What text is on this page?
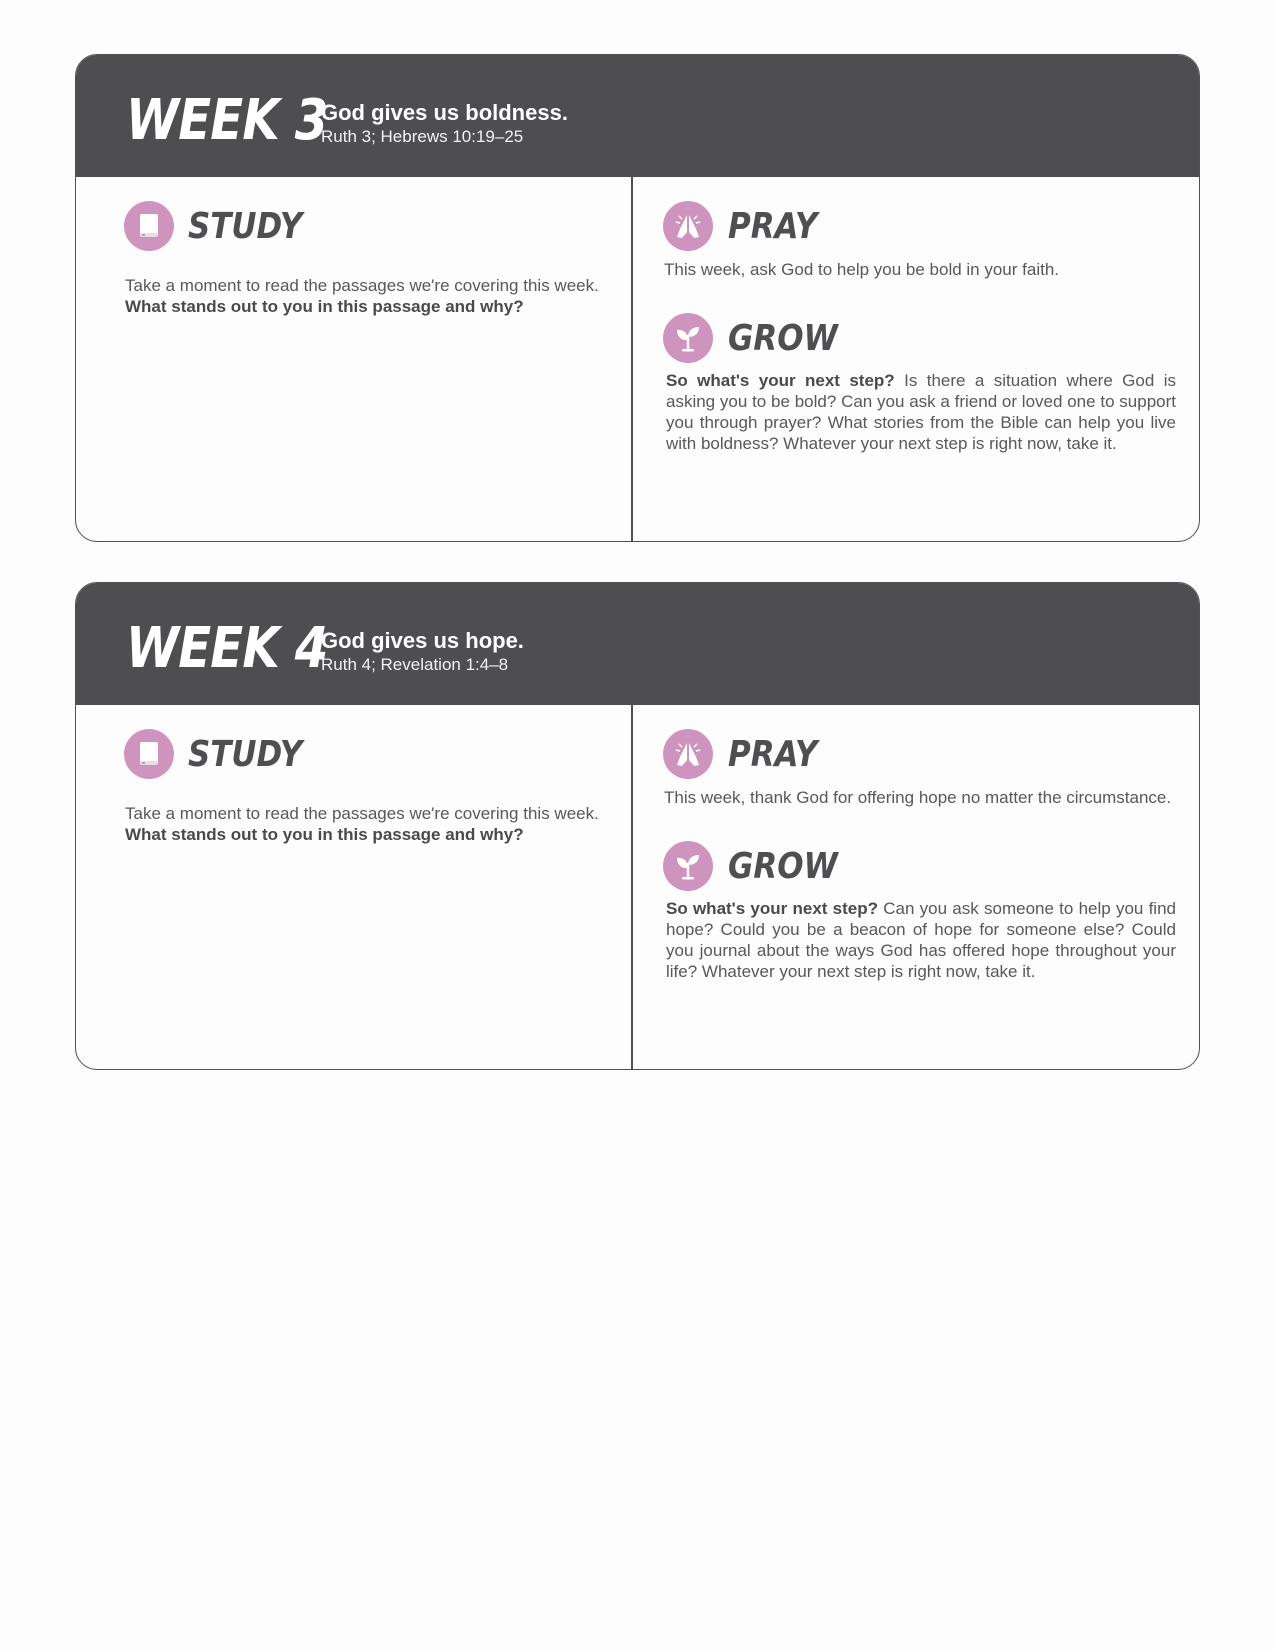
WEEK 3
God gives us boldness.
Ruth 3; Hebrews 10:19–25
STUDY
Take a moment to read the passages we're covering this week.
What stands out to you in this passage and why?
PRAY
This week, ask God to help you be bold in your faith.
GROW
So what's your next step? Is there a situation where God is asking you to be bold? Can you ask a friend or loved one to support you through prayer? What stories from the Bible can help you live with boldness? Whatever your next step is right now, take it.
WEEK 4
God gives us hope.
Ruth 4; Revelation 1:4–8
STUDY
Take a moment to read the passages we're covering this week.
What stands out to you in this passage and why?
PRAY
This week, thank God for offering hope no matter the circumstance.
GROW
So what's your next step? Can you ask someone to help you find hope? Could you be a beacon of hope for someone else? Could you journal about the ways God has offered hope throughout your life? Whatever your next step is right now, take it.
